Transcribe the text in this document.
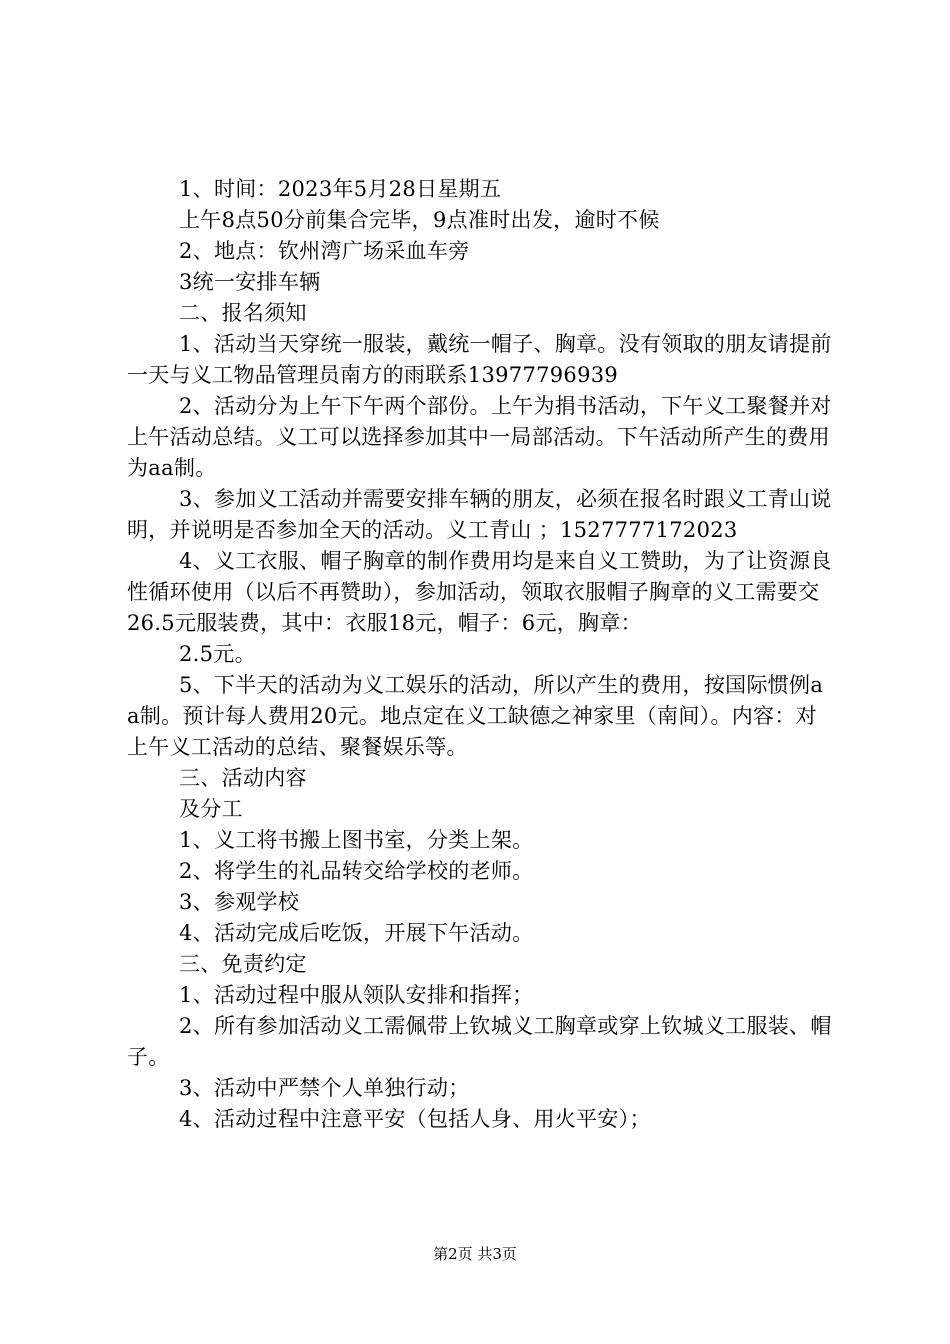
1、时间：2023年5月28日星期五

上午8点50分前集合完毕，9点准时出发，逾时不候

2、地点：钦州湾广场采血车旁

3统一安排车辆

二、报名须知

1、活动当天穿统一服装，戴统一帽子、胸章。没有领取的朋友请提前一天与义工物品管理员南方的雨联系13977796939

2、活动分为上午下午两个部份。上午为捐书活动，下午义工聚餐并对上午活动总结。义工可以选择参加其中一局部活动。下午活动所产生的费用为aa制。

3、参加义工活动并需要安排车辆的朋友，必须在报名时跟义工青山说明，并说明是否参加全天的活动。义工青山 ；1527777172023

4、义工衣服、帽子胸章的制作费用均是来自义工赞助，为了让资源良性循环使用（以后不再赞助），参加活动，领取衣服帽子胸章的义工需要交26.5元服装费，其中：衣服18元，帽子：6元，胸章：

2.5元。

5、下半天的活动为义工娱乐的活动，所以产生的费用，按国际惯例aa制。预计每人费用20元。地点定在义工缺德之神家里（南间）。内容：对上午义工活动的总结、聚餐娱乐等。

三、活动内容

及分工

1、义工将书搬上图书室，分类上架。

2、将学生的礼品转交给学校的老师。

3、参观学校

4、活动完成后吃饭，开展下午活动。

三、免责约定

1、活动过程中服从领队安排和指挥；

2、所有参加活动义工需佩带上钦城义工胸章或穿上钦城义工服装、帽子。

3、活动中严禁个人单独行动；

4、活动过程中注意平安（包括人身、用火平安）；

第2页 共3页
